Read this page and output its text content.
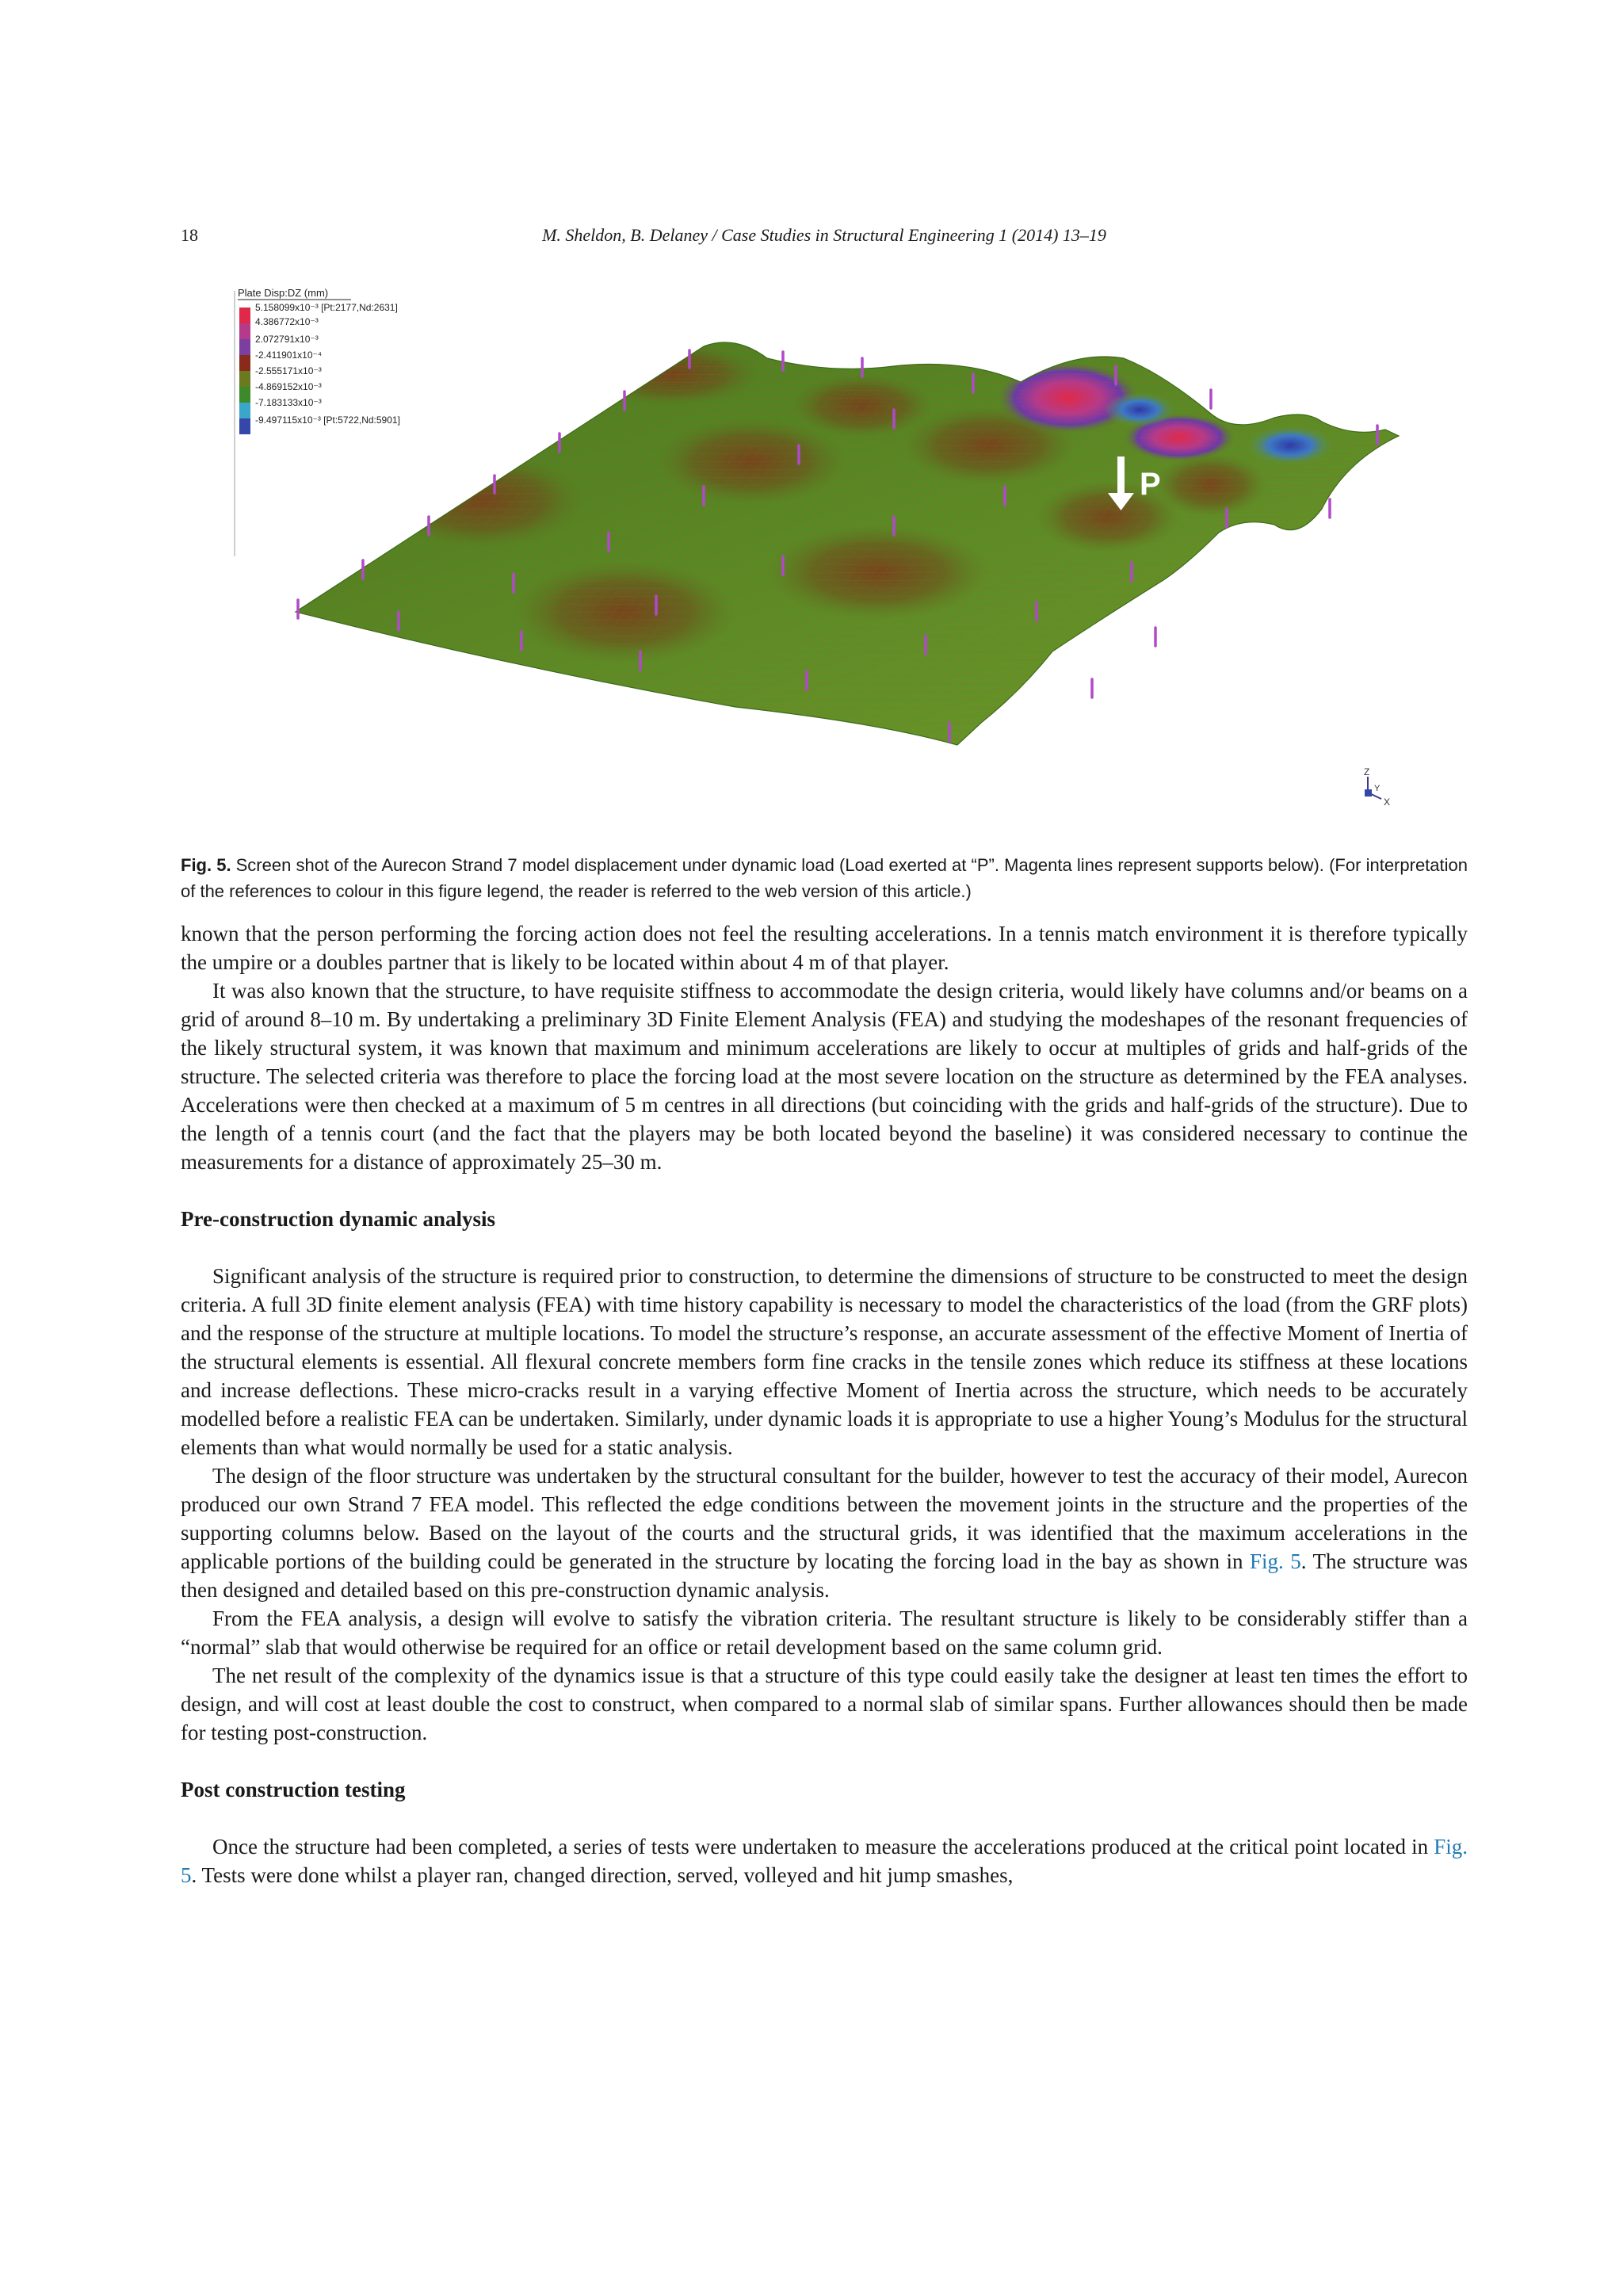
18	M. Sheldon, B. Delaney / Case Studies in Structural Engineering 1 (2014) 13–19
Plate Disp:DZ (mm)
5.158099x10⁻³ [Pt:2177,Nd:2631]
4.386772x10⁻³
2.072791x10⁻³
-2.411901x10⁻⁴
-2.555171x10⁻³
-4.869152x10⁻³
-7.183133x10⁻³
-9.497115x10⁻³ [Pt:5722,Nd:5901]
P
Z
Y
X
Fig. 5. Screen shot of the Aurecon Strand 7 model displacement under dynamic load (Load exerted at “P”. Magenta lines represent supports below). (For interpretation of the references to colour in this figure legend, the reader is referred to the web version of this article.)

known that the person performing the forcing action does not feel the resulting accelerations. In a tennis match environment it is therefore typically the umpire or a doubles partner that is likely to be located within about 4 m of that player.

It was also known that the structure, to have requisite stiffness to accommodate the design criteria, would likely have columns and/or beams on a grid of around 8–10 m. By undertaking a preliminary 3D Finite Element Analysis (FEA) and studying the modeshapes of the resonant frequencies of the likely structural system, it was known that maximum and minimum accelerations are likely to occur at multiples of grids and half-grids of the structure. The selected criteria was therefore to place the forcing load at the most severe location on the structure as determined by the FEA analyses. Accelerations were then checked at a maximum of 5 m centres in all directions (but coinciding with the grids and half-grids of the structure). Due to the length of a tennis court (and the fact that the players may be both located beyond the baseline) it was considered necessary to continue the measurements for a distance of approximately 25–30 m.

Pre-construction dynamic analysis

Significant analysis of the structure is required prior to construction, to determine the dimensions of structure to be constructed to meet the design criteria. A full 3D finite element analysis (FEA) with time history capability is necessary to model the characteristics of the load (from the GRF plots) and the response of the structure at multiple locations. To model the structure’s response, an accurate assessment of the effective Moment of Inertia of the structural elements is essential. All flexural concrete members form fine cracks in the tensile zones which reduce its stiffness at these locations and increase deflections. These micro-cracks result in a varying effective Moment of Inertia across the structure, which needs to be accurately modelled before a realistic FEA can be undertaken. Similarly, under dynamic loads it is appropriate to use a higher Young’s Modulus for the structural elements than what would normally be used for a static analysis.

The design of the floor structure was undertaken by the structural consultant for the builder, however to test the accuracy of their model, Aurecon produced our own Strand 7 FEA model. This reflected the edge conditions between the movement joints in the structure and the properties of the supporting columns below. Based on the layout of the courts and the structural grids, it was identified that the maximum accelerations in the applicable portions of the building could be generated in the structure by locating the forcing load in the bay as shown in Fig. 5. The structure was then designed and detailed based on this pre-construction dynamic analysis.

From the FEA analysis, a design will evolve to satisfy the vibration criteria. The resultant structure is likely to be considerably stiffer than a “normal” slab that would otherwise be required for an office or retail development based on the same column grid.

The net result of the complexity of the dynamics issue is that a structure of this type could easily take the designer at least ten times the effort to design, and will cost at least double the cost to construct, when compared to a normal slab of similar spans. Further allowances should then be made for testing post-construction.

Post construction testing

Once the structure had been completed, a series of tests were undertaken to measure the accelerations produced at the critical point located in Fig. 5. Tests were done whilst a player ran, changed direction, served, volleyed and hit jump smashes,
